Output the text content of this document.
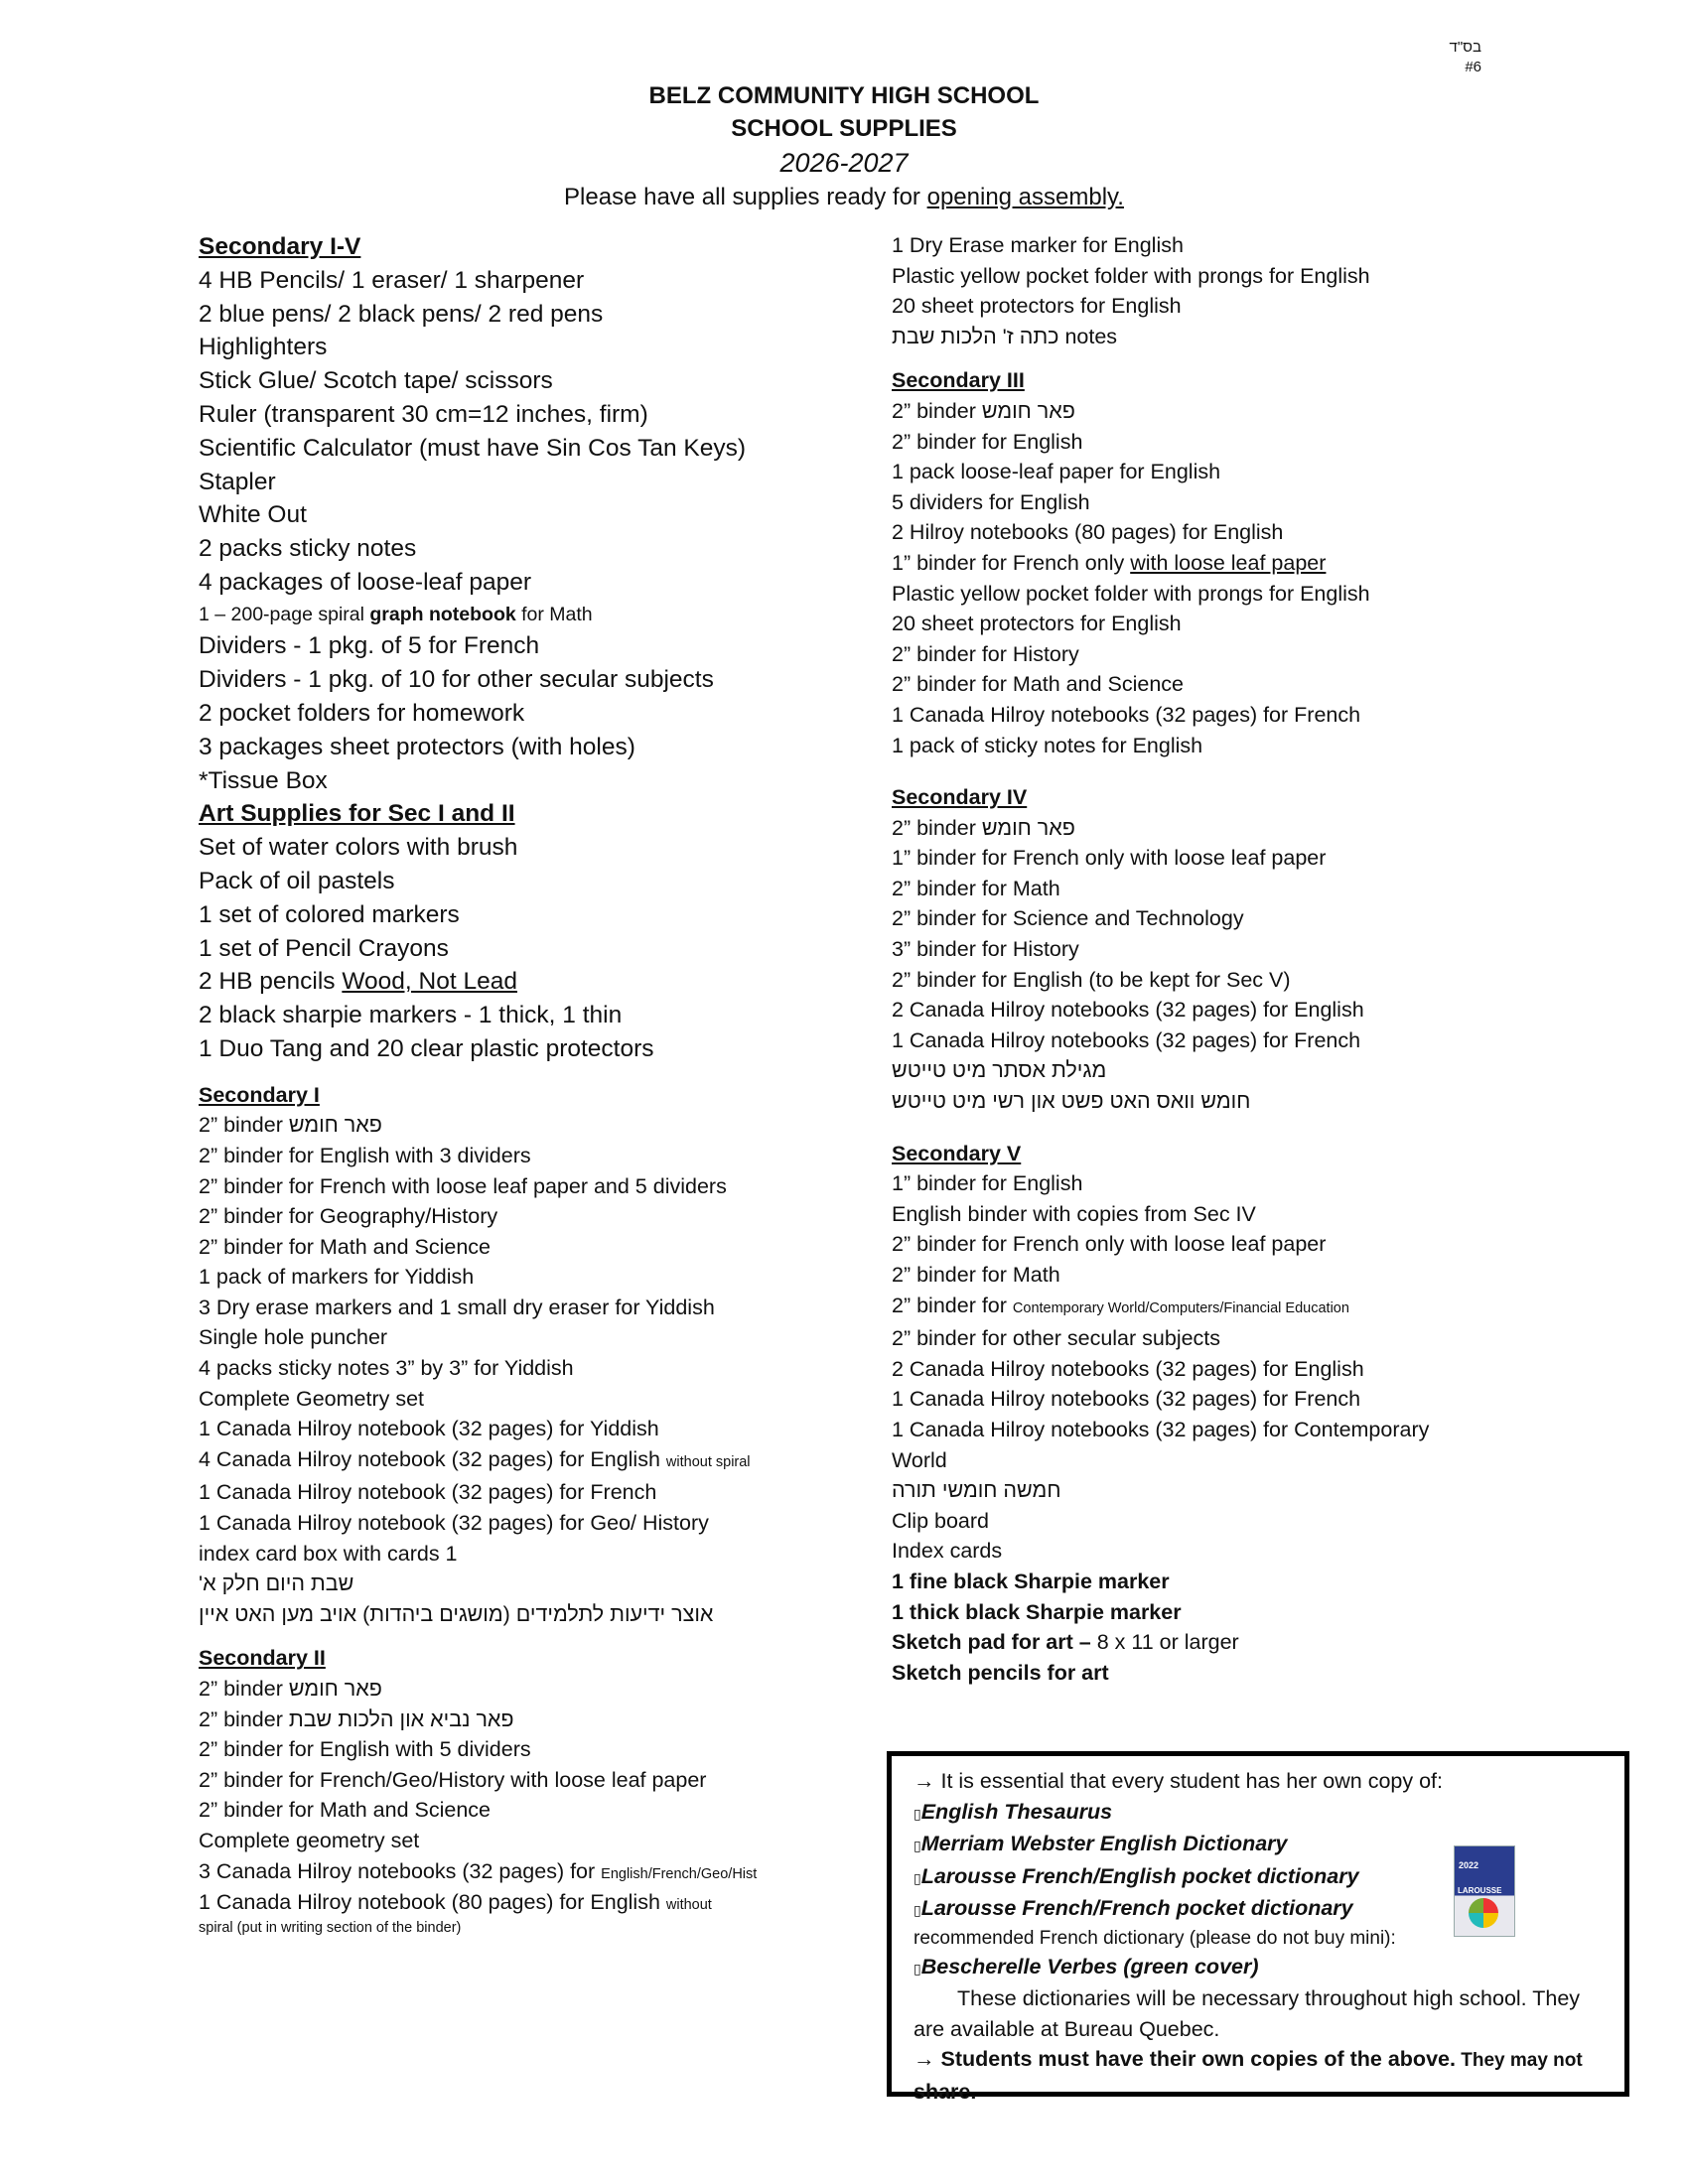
בס"ד
#6
BELZ COMMUNITY HIGH SCHOOL
SCHOOL SUPPLIES
2026-2027
Please have all supplies ready for opening assembly.
Secondary I-V
4 HB Pencils/ 1 eraser/ 1 sharpener
2 blue pens/ 2 black pens/ 2 red pens
Highlighters
Stick Glue/ Scotch tape/ scissors
Ruler (transparent 30 cm=12 inches, firm)
Scientific Calculator (must have Sin Cos Tan Keys)
Stapler
White Out
2 packs sticky notes
4 packages of loose-leaf paper
1 – 200-page spiral graph notebook for Math
Dividers - 1 pkg. of 5 for French
Dividers - 1 pkg. of 10 for other secular subjects
2 pocket folders for homework
3 packages sheet protectors (with holes)
*Tissue Box
Art Supplies for Sec I and II
Set of water colors with brush
Pack of oil pastels
1 set of colored markers
1 set of Pencil Crayons
2 HB pencils Wood, Not Lead
2 black sharpie markers - 1 thick, 1 thin
1 Duo Tang and 20 clear plastic protectors
Secondary I
2” binder פאר חומש
2” binder for English with 3 dividers
2” binder for French with loose leaf paper and 5 dividers
2” binder for Geography/History
2” binder for Math and Science
1 pack of markers for Yiddish
3 Dry erase markers and 1 small dry eraser for Yiddish
Single hole puncher
4 packs sticky notes 3” by 3” for Yiddish
Complete Geometry set
1 Canada Hilroy notebook (32 pages) for Yiddish
4 Canada Hilroy notebook (32 pages) for English without spiral
1 Canada Hilroy notebook (32 pages) for French
1 Canada Hilroy notebook (32 pages) for Geo/ History
index card box with cards 1
שבת היום חלק א'
אוצר ידיעות לתלמידים (מושגים ביהדות) אויב מען האט איין
Secondary II
2” binder פאר חומש
2” binder פאר נביא און הלכות שבת
2” binder for English with 5 dividers
2” binder for French/Geo/History with loose leaf paper
2” binder for Math and Science
Complete geometry set
3 Canada Hilroy notebooks (32 pages) for English/French/Geo/Hist
1 Canada Hilroy notebook (80 pages) for English without
spiral (put in writing section of the binder)
1 Dry Erase marker for English
Plastic yellow pocket folder with prongs for English
20 sheet protectors for English
כתה ז' הלכות שבת notes
Secondary III
2” binder פאר חומש
2” binder for English
1 pack loose-leaf paper for English
5 dividers for English
2 Hilroy notebooks (80 pages) for English
1” binder for French only with loose leaf paper
Plastic yellow pocket folder with prongs for English
20 sheet protectors for English
2” binder for History
2” binder for Math and Science
1 Canada Hilroy notebooks (32 pages) for French
1 pack of sticky notes for English
Secondary IV
2” binder פאר חומש
1” binder for French only with loose leaf paper
2” binder for Math
2” binder for Science and Technology
3” binder for History
2” binder for English (to be kept for Sec V)
2 Canada Hilroy notebooks (32 pages) for English
1 Canada Hilroy notebooks (32 pages) for French
מגילת אסתר מיט טייטש
חומש וואס האט פשט און רשי מיט טייטש
Secondary V
1” binder for English
English binder with copies from Sec IV
2” binder for French only with loose leaf paper
2” binder for Math
2” binder for Contemporary World/Computers/Financial Education
2” binder for other secular subjects
2 Canada Hilroy notebooks (32 pages) for English
1 Canada Hilroy notebooks (32 pages) for French
1 Canada Hilroy notebooks (32 pages) for Contemporary
World
חמשה חומשי תורה
Clip board
Index cards
1 fine black Sharpie marker
1 thick black Sharpie marker
Sketch pad for art – 8 x 11 or larger
Sketch pencils for art
→ It is essential that every student has her own copy of:
▯English Thesaurus
▯Merriam Webster English Dictionary
▯Larousse French/English pocket dictionary
▯Larousse French/French pocket dictionary
recommended French dictionary (please do not buy mini):
▯Bescherelle Verbes (green cover)
These dictionaries will be necessary throughout high school. They are available at Bureau Quebec.
→ Students must have their own copies of the above. They may not
share.
2022
LAROUSSE
